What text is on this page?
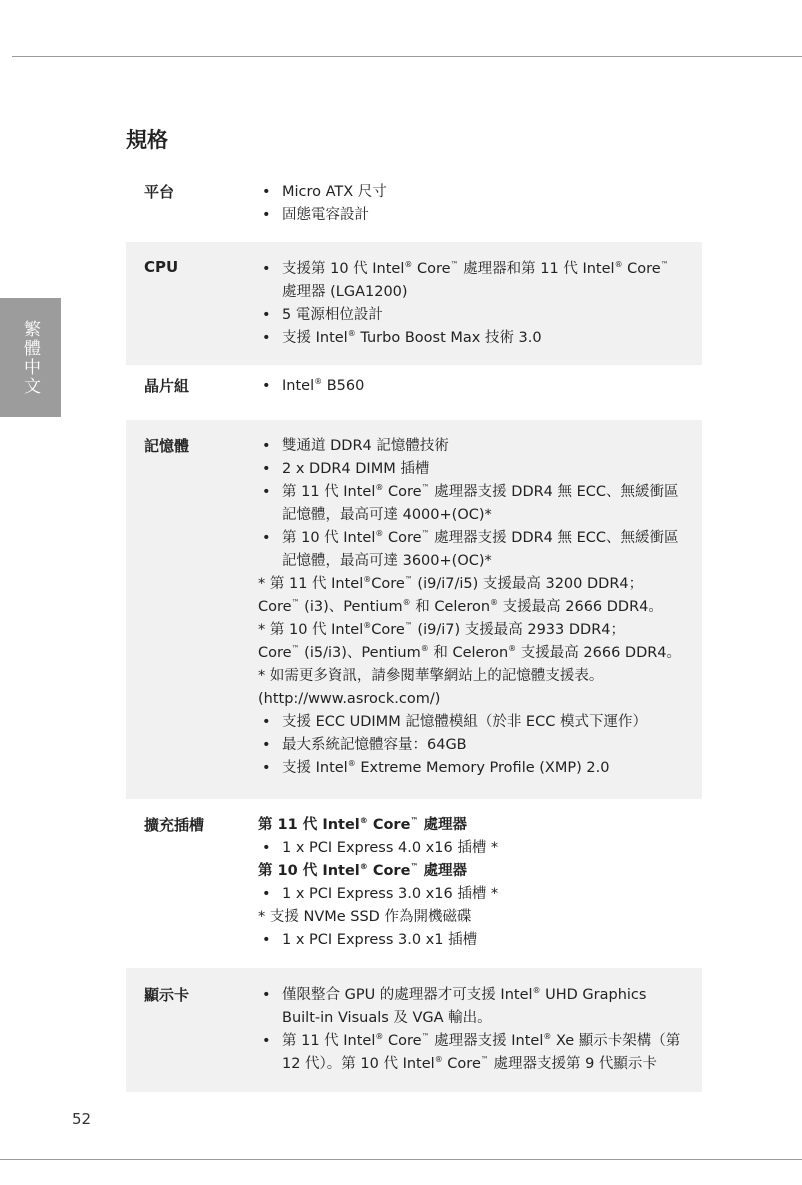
繁體中文
規格
平台	• Micro ATX 尺寸
• 固態電容設計
CPU	• 支援第 10 代 Intel® Core™ 處理器和第 11 代 Intel® Core™
處理器 (LGA1200)
• 5 電源相位設計
• 支援 Intel® Turbo Boost Max 技術 3.0
晶片組	• Intel® B560
記憶體	• 雙通道 DDR4 記憶體技術
• 2 x DDR4 DIMM 插槽
• 第 11 代 Intel® Core™ 處理器支援 DDR4 無 ECC、無緩衝區
記憶體，最高可達 4000+(OC)*
• 第 10 代 Intel® Core™ 處理器支援 DDR4 無 ECC、無緩衝區
記憶體，最高可達 3600+(OC)*
* 第 11 代 Intel®Core™ (i9/i7/i5) 支援最高 3200 DDR4；
Core™ (i3)、Pentium® 和 Celeron® 支援最高 2666 DDR4。
* 第 10 代 Intel®Core™ (i9/i7) 支援最高 2933 DDR4；
Core™ (i5/i3)、Pentium® 和 Celeron® 支援最高 2666 DDR4。
* 如需更多資訊，請參閱華擎網站上的記憶體支援表。
(http://www.asrock.com/)
• 支援 ECC UDIMM 記憶體模組（於非 ECC 模式下運作）
• 最大系統記憶體容量：64GB
• 支援 Intel® Extreme Memory Profile (XMP) 2.0
擴充插槽	第 11 代 Intel® Core™ 處理器
• 1 x PCI Express 4.0 x16 插槽 *
第 10 代 Intel® Core™ 處理器
• 1 x PCI Express 3.0 x16 插槽 *
* 支援 NVMe SSD 作為開機磁碟
• 1 x PCI Express 3.0 x1 插槽
顯示卡	• 僅限整合 GPU 的處理器才可支援 Intel® UHD Graphics
Built-in Visuals 及 VGA 輸出。
• 第 11 代 Intel® Core™ 處理器支援 Intel® Xe 顯示卡架構（第
12 代）。第 10 代 Intel® Core™ 處理器支援第 9 代顯示卡
52
